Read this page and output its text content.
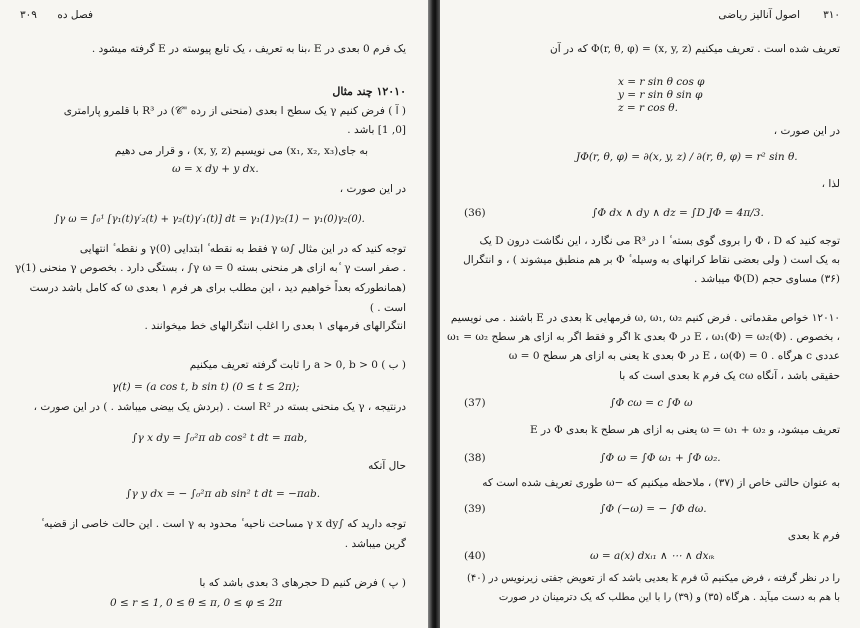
۳۰۹ فصل ده
یک فرم 0 بعدی در E ،بنا به تعریف ، یک تابع پیوسته در E گرفته میشود .
۱۲۰۱۰ چند مثال
( آ ) فرض کنیم γ یک سطح ا بعدی (منحنی از رده "𝒞) در R³ با قلمرو پارامتری
[0, 1] باشد .
به جای(x₁, x₂, x₃) می نویسیم (x, y, z) ، و قرار می دهیم
ω = x dy + y dx.
در این صورت ،
∫γ ω = ∫₀¹ [γ₁(t)γ′₂(t) + γ₂(t)γ′₁(t)] dt = γ₁(1)γ₂(1) − γ₁(0)γ₂(0).
توجه کنید که در این مثال ∫γ ω فقط به نقطه ٔ ابتدایی γ(0) و نقطه ٔ انتهایی
γ(1) منحنی γ بستگی دارد . بخصوص ، ∫γ ω = 0 به ازای هر منحنی بسته ٔ γ صفر است .
(همانطورکه بعداً خواهیم دید ، این مطلب برای هر فرم ۱ بعدی ω که کامل باشد درست
است . )
انتگرالهای فرمهای ۱ بعدی را اغلب انتگرالهای خط میخوانند .
( ب ) a > 0, b > 0 را ثابت گرفته تعریف میکنیم
γ(t) = (a cos t, b sin t) (0 ≤ t ≤ 2π);
درنتیجه ، γ یک منحنی بسته در R² است . (بردش یک بیضی میباشد . ) در این صورت ،
∫γ x dy = ∫₀²π ab cos² t dt = πab,
حال آنکه
∫γ y dx = − ∫₀²π ab sin² t dt = −πab.
توجه دارید که ∫γ x dy مساحت ناحیه ٔ محدود به γ است . این حالت خاصی از قضیه ٔ
گرین میباشد .
( پ ) فرض کنیم D حجرهای 3 بعدی باشد که با
0 ≤ r ≤ 1, 0 ≤ θ ≤ π, 0 ≤ φ ≤ 2π
۳۱۰
اصول آنالیز ریاضی
تعریف شده است . تعریف میکنیم Φ(r, θ, φ) = (x, y, z) که در آن
x = r sin θ cos φ
y = r sin θ sin φ
z = r cos θ.
در این صورت ،
JΦ(r, θ, φ) = ∂(x, y, z) / ∂(r, θ, φ) = r² sin θ.
لذا ،
∫Φ dx ∧ dy ∧ dz = ∫D JΦ = 4π/3.
(36)
توجه کنید که Φ ، D را بروی گوی بسته ٔ ا در R³ می نگارد ، این نگاشت درون D یک
به یک است ( ولی بعضی نقاط کرانهای به وسیله ٔ Φ بر هم منطبق میشوند ) ، و انتگرال
(۳۶) مساوی حجم Φ(D) میباشد .
۱۲۰۱۰ خواص مقدماتی . فرض کنیم ω, ω₁, ω₂ فرمهایی k بعدی در E باشند . می نویسیم
ω₁ = ω₂ اگر و فقط اگر به ازای هر سطح k بعدی Φ در E ، ω₁(Φ) = ω₂(Φ) . بخصوص ،
ω = 0 یعنی به ازای هر سطح k بعدی Φ در E ، ω(Φ) = 0 . هرگاه c عددی
حقیقی باشد ، آنگاه cω یک فرم k بعدی است که با
∫Φ cω = c ∫Φ ω
(37)
تعریف میشود، و ω = ω₁ + ω₂ یعنی به ازای هر سطح k بعدی Φ در E
∫Φ ω = ∫Φ ω₁ + ∫Φ ω₂.
(38)
به عنوان حالتی خاص از (۳۷) ، ملاحظه میکنیم که −ω طوری تعریف شده است که
∫Φ (−ω) = − ∫Φ dω.
(39)
فرم k بعدی
ω = a(x) dxᵢ₁ ∧ ⋯ ∧ dxᵢₖ
(40)
را در نظر گرفته ، فرض میکنیم ω̄ فرم k بعدیی باشد که از تعویض جفتی زیرنویس در (۴۰)
با هم به دست میآید . هرگاه (۳۵) و (۳۹) را با این مطلب که یک دترمینان در صورت
